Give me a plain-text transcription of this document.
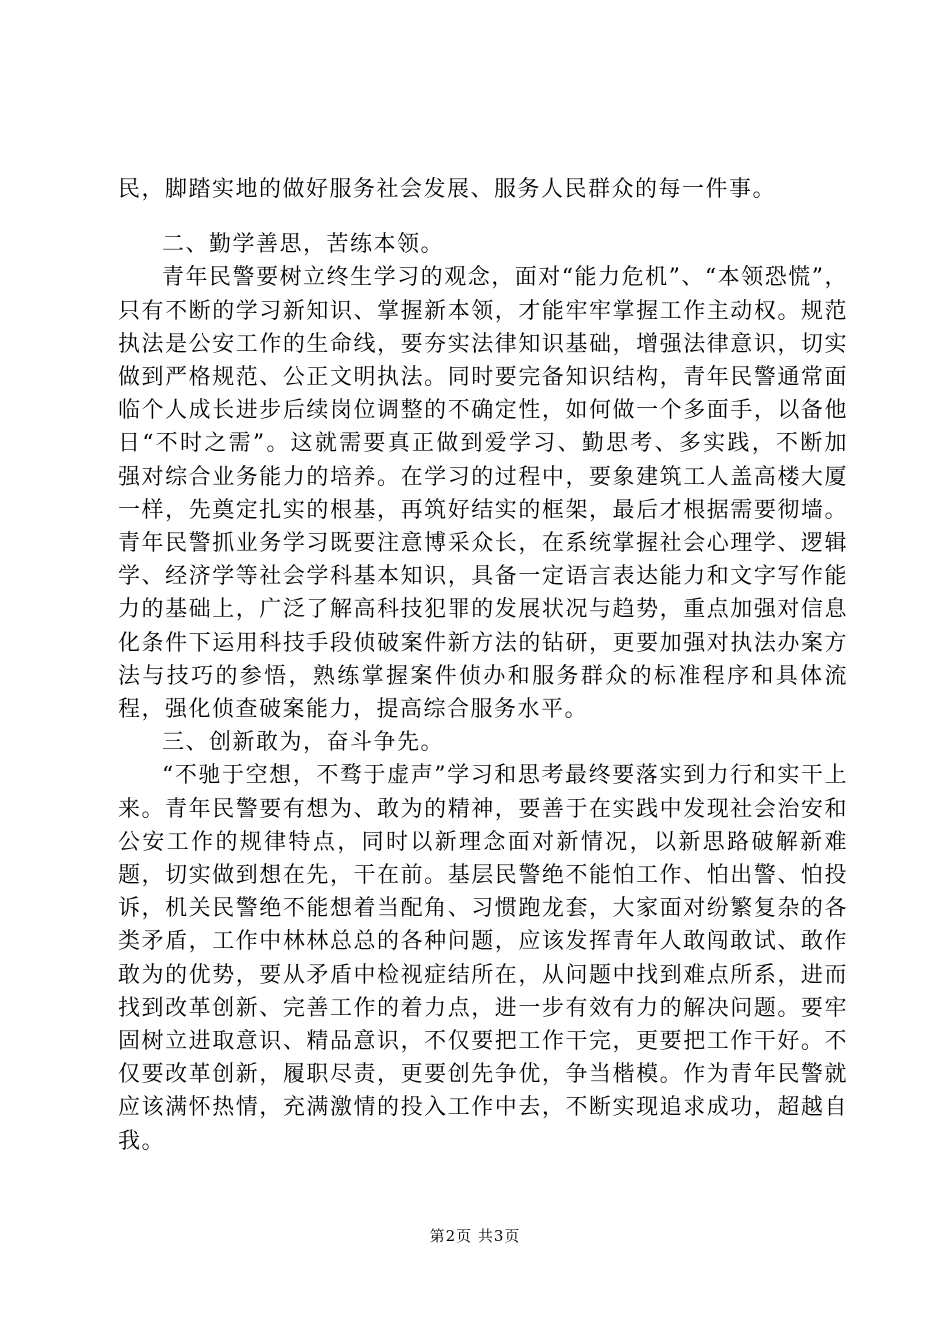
民，脚踏实地的做好服务社会发展、服务人民群众的每一件事。

二、勤学善思，苦练本领。

青年民警要树立终生学习的观念，面对“能力危机”、“本领恐慌”，只有不断的学习新知识、掌握新本领，才能牢牢掌握工作主动权。规范执法是公安工作的生命线，要夯实法律知识基础，增强法律意识，切实做到严格规范、公正文明执法。同时要完备知识结构，青年民警通常面临个人成长进步后续岗位调整的不确定性，如何做一个多面手，以备他日“不时之需”。这就需要真正做到爱学习、勤思考、多实践，不断加强对综合业务能力的培养。在学习的过程中，要象建筑工人盖高楼大厦一样，先奠定扎实的根基，再筑好结实的框架，最后才根据需要彻墙。青年民警抓业务学习既要注意博采众长，在系统掌握社会心理学、逻辑学、经济学等社会学科基本知识，具备一定语言表达能力和文字写作能力的基础上，广泛了解高科技犯罪的发展状况与趋势，重点加强对信息化条件下运用科技手段侦破案件新方法的钻研，更要加强对执法办案方法与技巧的参悟，熟练掌握案件侦办和服务群众的标准程序和具体流程，强化侦查破案能力，提高综合服务水平。

三、创新敢为，奋斗争先。

“不驰于空想，不骛于虚声”学习和思考最终要落实到力行和实干上来。青年民警要有想为、敢为的精神，要善于在实践中发现社会治安和公安工作的规律特点，同时以新理念面对新情况，以新思路破解新难题，切实做到想在先，干在前。基层民警绝不能怕工作、怕出警、怕投诉，机关民警绝不能想着当配角、习惯跑龙套，大家面对纷繁复杂的各类矛盾，工作中林林总总的各种问题，应该发挥青年人敢闯敢试、敢作敢为的优势，要从矛盾中检视症结所在，从问题中找到难点所系，进而找到改革创新、完善工作的着力点，进一步有效有力的解决问题。要牢固树立进取意识、精品意识，不仅要把工作干完，更要把工作干好。不仅要改革创新，履职尽责，更要创先争优，争当楷模。作为青年民警就应该满怀热情，充满激情的投入工作中去，不断实现追求成功，超越自我。

第2页 共3页
